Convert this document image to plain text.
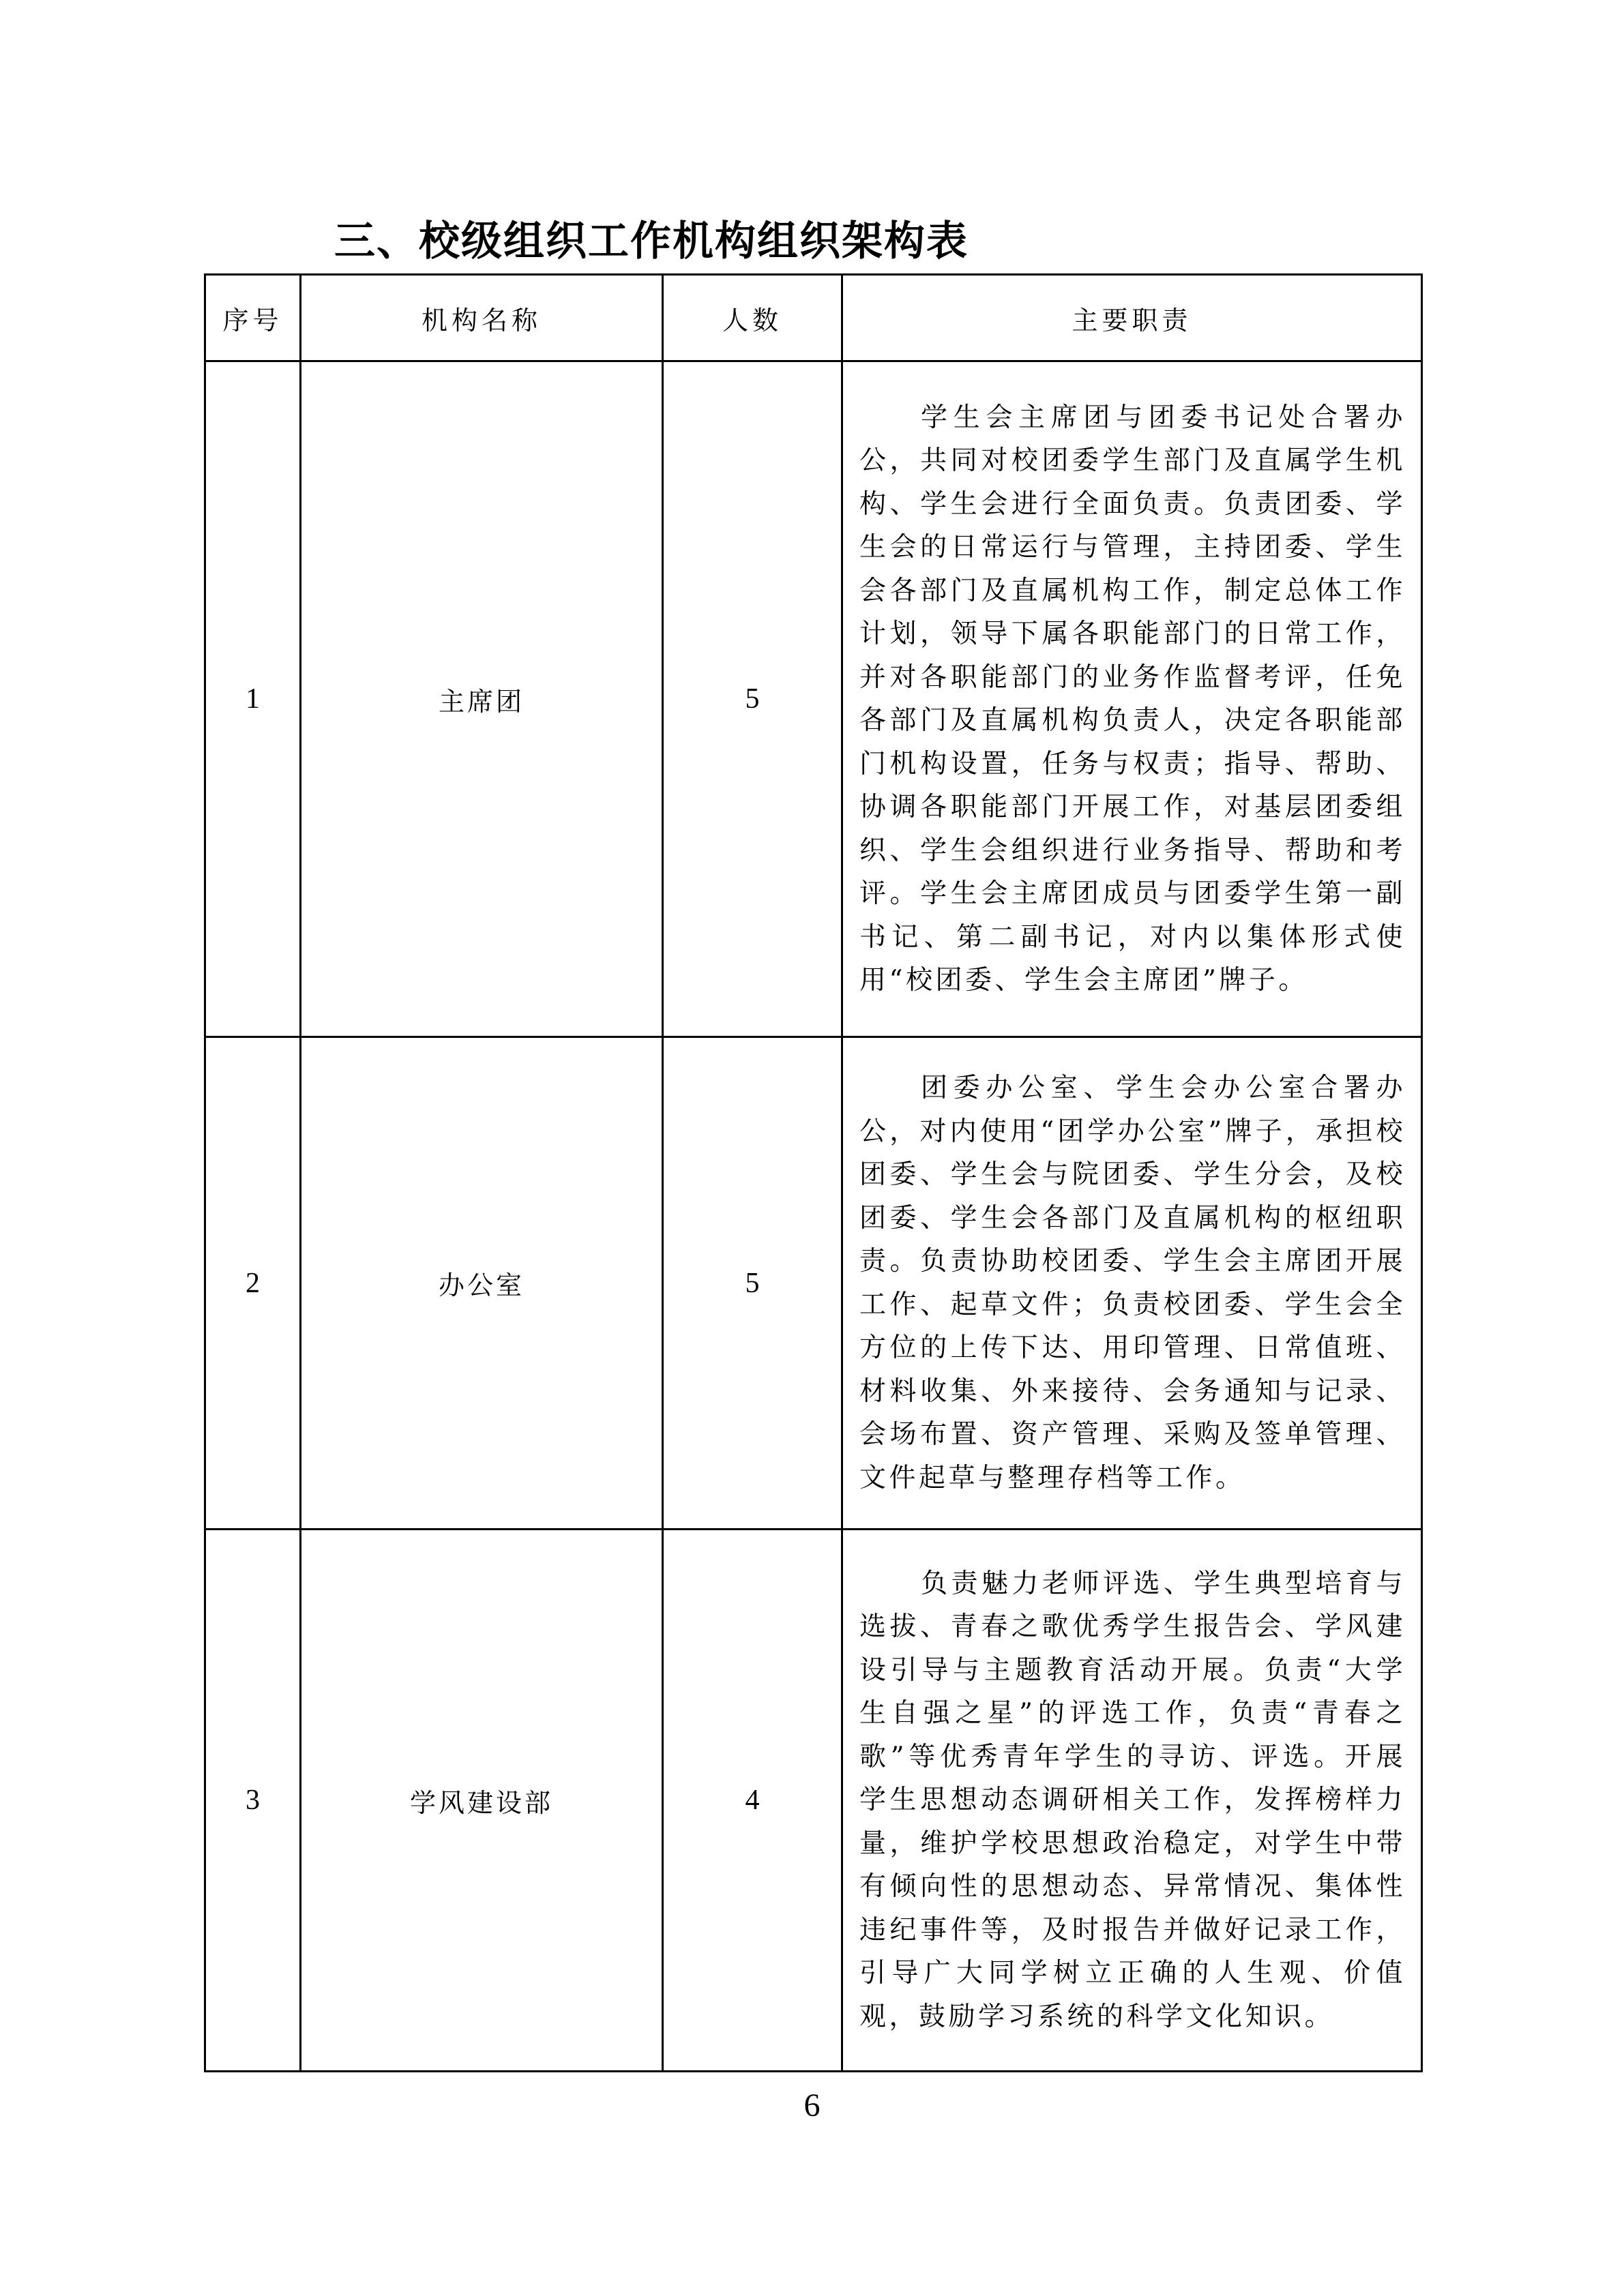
三、校级组织工作机构组织架构表
序号	机构名称	人数	主要职责
1	主席团	5	学生会主席团与团委书记处合署办公，共同对校团委学生部门及直属学生机构、学生会进行全面负责。负责团委、学生会的日常运行与管理，主持团委、学生会各部门及直属机构工作，制定总体工作计划，领导下属各职能部门的日常工作，并对各职能部门的业务作监督考评，任免各部门及直属机构负责人，决定各职能部门机构设置，任务与权责；指导、帮助、协调各职能部门开展工作，对基层团委组织、学生会组织进行业务指导、帮助和考评。学生会主席团成员与团委学生第一副书记、第二副书记，对内以集体形式使用“校团委、学生会主席团”牌子。
2	办公室	5	团委办公室、学生会办公室合署办公，对内使用“团学办公室”牌子，承担校团委、学生会与院团委、学生分会，及校团委、学生会各部门及直属机构的枢纽职责。负责协助校团委、学生会主席团开展工作、起草文件；负责校团委、学生会全方位的上传下达、用印管理、日常值班、材料收集、外来接待、会务通知与记录、会场布置、资产管理、采购及签单管理、文件起草与整理存档等工作。
3	学风建设部	4	负责魅力老师评选、学生典型培育与选拔、青春之歌优秀学生报告会、学风建设引导与主题教育活动开展。负责“大学生自强之星”的评选工作，负责“青春之歌”等优秀青年学生的寻访、评选。开展学生思想动态调研相关工作，发挥榜样力量，维护学校思想政治稳定，对学生中带有倾向性的思想动态、异常情况、集体性违纪事件等，及时报告并做好记录工作，引导广大同学树立正确的人生观、价值观，鼓励学习系统的科学文化知识。
6
